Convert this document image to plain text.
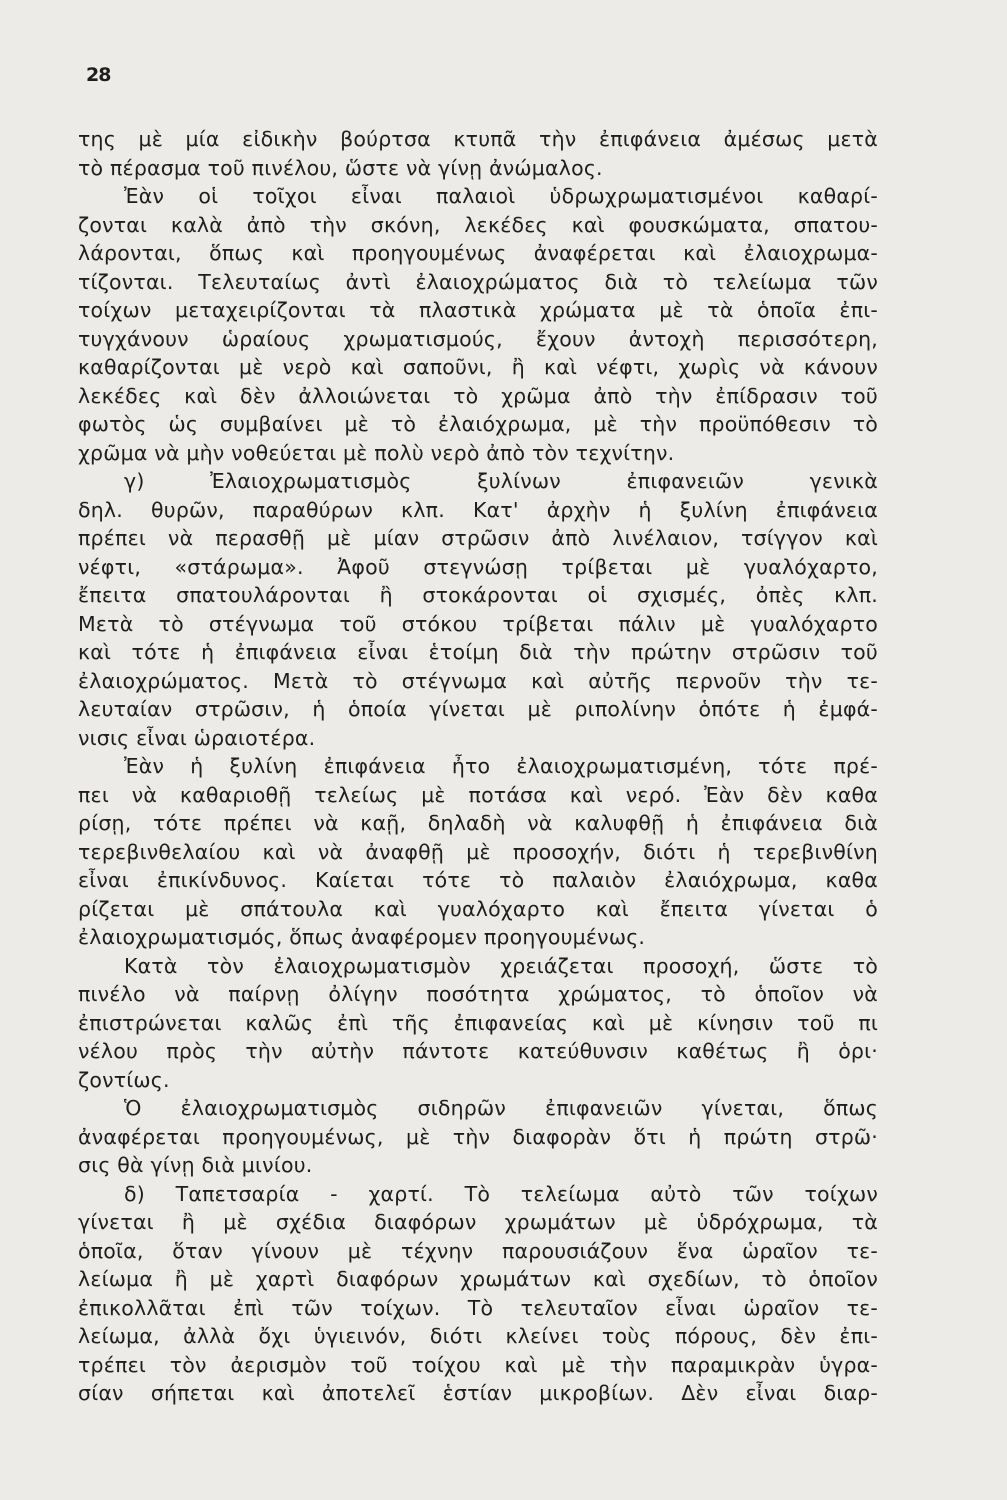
28
της μὲ μία εἰδικὴν βούρτσα κτυπᾶ τὴν ἐπιφάνεια ἀμέσως μετὰ
τὸ πέρασμα τοῦ πινέλου, ὥστε νὰ γίνῃ ἀνώμαλος.
Ἐὰν οἱ τοῖχοι εἶναι παλαιοὶ ὑδρωχρωματισμένοι καθαρί-
ζονται καλὰ ἀπὸ τὴν σκόνη, λεκέδες καὶ φουσκώματα, σπατου-
λάρονται, ὅπως καὶ προηγουμένως ἀναφέρεται καὶ ἐλαιοχρωμα-
τίζονται. Τελευταίως ἀντὶ ἐλαιοχρώματος διὰ τὸ τελείωμα τῶν
τοίχων μεταχειρίζονται τὰ πλαστικὰ χρώματα μὲ τὰ ὁποῖα ἐπι-
τυγχάνουν ὡραίους χρωματισμούς, ἔχουν ἀντοχὴ περισσότερη,
καθαρίζονται μὲ νερὸ καὶ σαποῦνι, ἢ καὶ νέφτι, χωρὶς νὰ κάνουν
λεκέδες καὶ δὲν ἀλλοιώνεται τὸ χρῶμα ἀπὸ τὴν ἐπίδρασιν τοῦ
φωτὸς ὡς συμβαίνει μὲ τὸ ἐλαιόχρωμα, μὲ τὴν προϋπόθεσιν τὸ
χρῶμα νὰ μὴν νοθεύεται μὲ πολὺ νερὸ ἀπὸ τὸν τεχνίτην.
γ) Ἐλαιοχρωματισμὸς ξυλίνων ἐπιφανειῶν γενικὰ
δηλ. θυρῶν, παραθύρων κλπ. Κατ' ἀρχὴν ἡ ξυλίνη ἐπιφάνεια
πρέπει νὰ περασθῇ μὲ μίαν στρῶσιν ἀπὸ λινέλαιον, τσίγγον καὶ
νέφτι, «στάρωμα». Ἀφοῦ στεγνώσῃ τρίβεται μὲ γυαλόχαρτο,
ἔπειτα σπατουλάρονται ἢ στοκάρονται οἱ σχισμές, ὀπὲς κλπ.
Μετὰ τὸ στέγνωμα τοῦ στόκου τρίβεται πάλιν μὲ γυαλόχαρτο
καὶ τότε ἡ ἐπιφάνεια εἶναι ἑτοίμη διὰ τὴν πρώτην στρῶσιν τοῦ
ἐλαιοχρώματος. Μετὰ τὸ στέγνωμα καὶ αὐτῆς περνοῦν τὴν τε-
λευταίαν στρῶσιν, ἡ ὁποία γίνεται μὲ ριπολίνην ὁπότε ἡ ἐμφά-
νισις εἶναι ὡραιοτέρα.
Ἐὰν ἡ ξυλίνη ἐπιφάνεια ἦτο ἐλαιοχρωματισμένη, τότε πρέ-
πει νὰ καθαριοθῇ τελείως μὲ ποτάσα καὶ νερό. Ἐὰν δὲν καθα
ρίσῃ, τότε πρέπει νὰ καῇ, δηλαδὴ νὰ καλυφθῇ ἡ ἐπιφάνεια διὰ
τερεβινθελαίου καὶ νὰ ἀναφθῇ μὲ προσοχήν, διότι ἡ τερεβινθίνη
εἶναι ἐπικίνδυνος. Καίεται τότε τὸ παλαιὸν ἐλαιόχρωμα, καθα
ρίζεται μὲ σπάτουλα καὶ γυαλόχαρτο καὶ ἔπειτα γίνεται ὁ
ἐλαιοχρωματισμός, ὅπως ἀναφέρομεν προηγουμένως.
Κατὰ τὸν ἐλαιοχρωματισμὸν χρειάζεται προσοχή, ὥστε τὸ
πινέλο νὰ παίρνῃ ὀλίγην ποσότητα χρώματος, τὸ ὁποῖον νὰ
ἐπιστρώνεται καλῶς ἐπὶ τῆς ἐπιφανείας καὶ μὲ κίνησιν τοῦ πι
νέλου πρὸς τὴν αὐτὴν πάντοτε κατεύθυνσιν καθέτως ἢ ὁρι·
ζοντίως.
Ὁ ἐλαιοχρωματισμὸς σιδηρῶν ἐπιφανειῶν γίνεται, ὅπως
ἀναφέρεται προηγουμένως, μὲ τὴν διαφορὰν ὅτι ἡ πρώτη στρῶ·
σις θὰ γίνῃ διὰ μινίου.
δ) Ταπετσαρία - χαρτί. Τὸ τελείωμα αὐτὸ τῶν τοίχων
γίνεται ἢ μὲ σχέδια διαφόρων χρωμάτων μὲ ὑδρόχρωμα, τὰ
ὁποῖα, ὅταν γίνουν μὲ τέχνην παρουσιάζουν ἕνα ὡραῖον τε-
λείωμα ἢ μὲ χαρτὶ διαφόρων χρωμάτων καὶ σχεδίων, τὸ ὁποῖον
ἐπικολλᾶται ἐπὶ τῶν τοίχων. Τὸ τελευταῖον εἶναι ὡραῖον τε-
λείωμα, ἀλλὰ ὄχι ὑγιεινόν, διότι κλείνει τοὺς πόρους, δὲν ἐπι-
τρέπει τὸν ἀερισμὸν τοῦ τοίχου καὶ μὲ τὴν παραμικρὰν ὑγρα-
σίαν σήπεται καὶ ἀποτελεῖ ἑστίαν μικροβίων. Δὲν εἶναι διαρ-
